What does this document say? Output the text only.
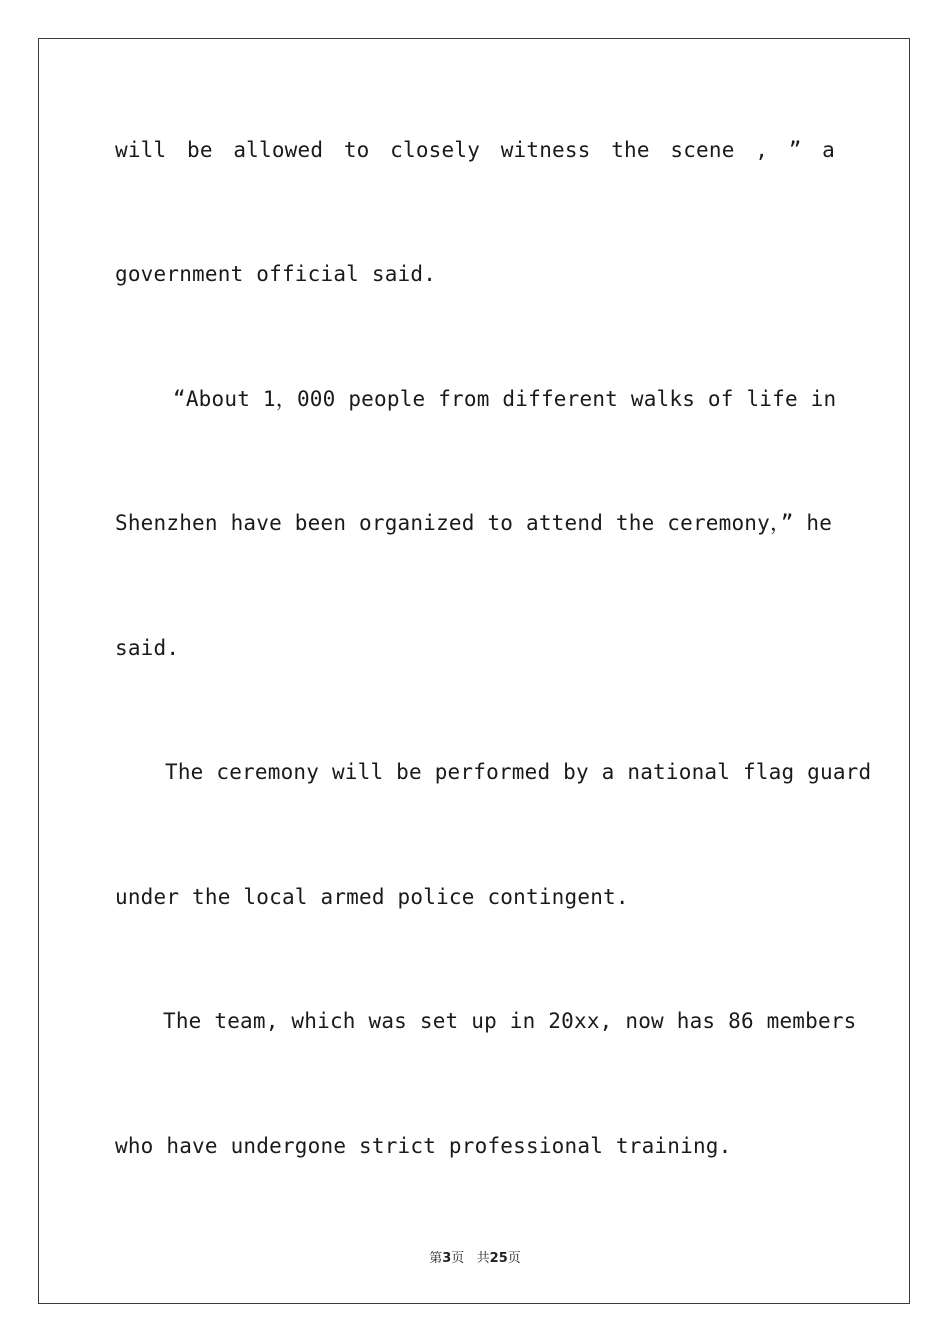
will be allowed to closely witness the scene , ” a
government official said.
“About 1，000 people from different walks of life in
Shenzhen have been organized to attend the ceremony，” he
said.
The ceremony will be performed by a national flag guard
under the local armed police contingent.
The team, which was set up in 20xx, now has 86 members
who have undergone strict professional training.
第3页   共25页
